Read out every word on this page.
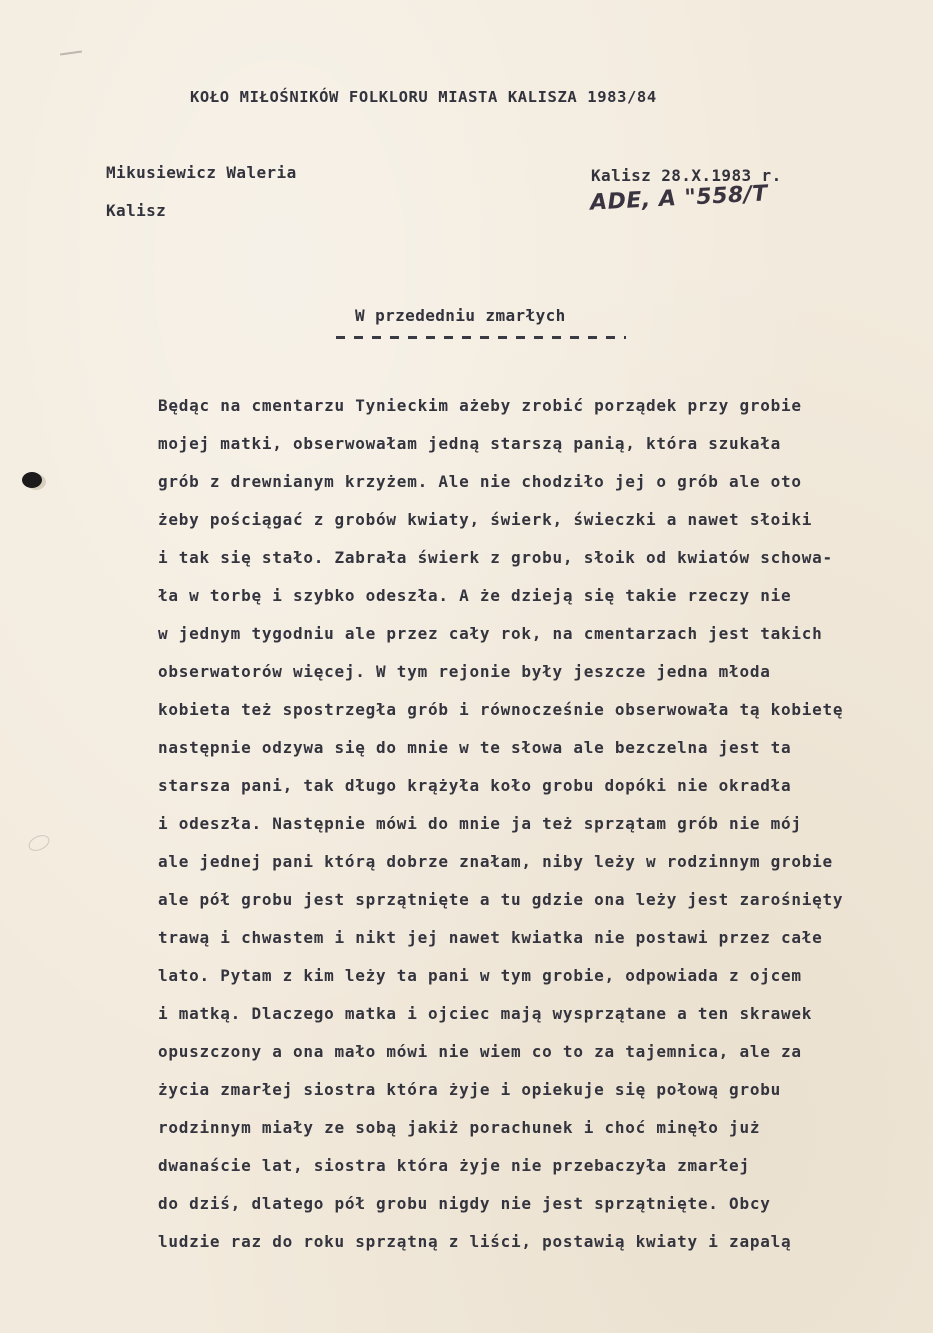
KOŁO MIŁOŚNIKÓW FOLKLORU MIASTA KALISZA 1983/84
Mikusiewicz Waleria
Kalisz
Kalisz 28.X.1983 r.
ADE, A "558/T
W przededniu zmarłych
Będąc na cmentarzu Tynieckim ażeby zrobić porządek przy grobie
mojej matki, obserwowałam jedną starszą panią, która szukała
grób z drewnianym krzyżem. Ale nie chodziło jej o grób ale oto
żeby pościągać z grobów kwiaty, świerk, świeczki a nawet słoiki
i tak się stało. Zabrała świerk z grobu, słoik od kwiatów schowa-
ła w torbę i szybko odeszła. A że dzieją się takie rzeczy nie
w jednym tygodniu ale przez cały rok, na cmentarzach jest takich
obserwatorów więcej. W tym rejonie były jeszcze jedna młoda
kobieta też spostrzegła grób i równocześnie obserwowała tą kobietę
następnie odzywa się do mnie w te słowa ale bezczelna jest ta
starsza pani, tak długo krążyła koło grobu dopóki nie okradła
i odeszła. Następnie mówi do mnie ja też sprzątam grób nie mój
ale jednej pani którą dobrze znałam, niby leży w rodzinnym grobie
ale pół grobu jest sprzątnięte a tu gdzie ona leży jest zarośnięty
trawą i chwastem i nikt jej nawet kwiatka nie postawi przez całe
lato. Pytam z kim leży ta pani w tym grobie, odpowiada z ojcem
i matką. Dlaczego matka i ojciec mają wysprzątane a ten skrawek
opuszczony a ona mało mówi nie wiem co to za tajemnica, ale za
życia zmarłej siostra która żyje i opiekuje się połową grobu
rodzinnym miały ze sobą jakiż porachunek i choć minęło już
dwanaście lat, siostra która żyje nie przebaczyła zmarłej
do dziś, dlatego pół grobu nigdy nie jest sprzątnięte. Obcy
ludzie raz do roku sprzątną z liści, postawią kwiaty i zapalą
